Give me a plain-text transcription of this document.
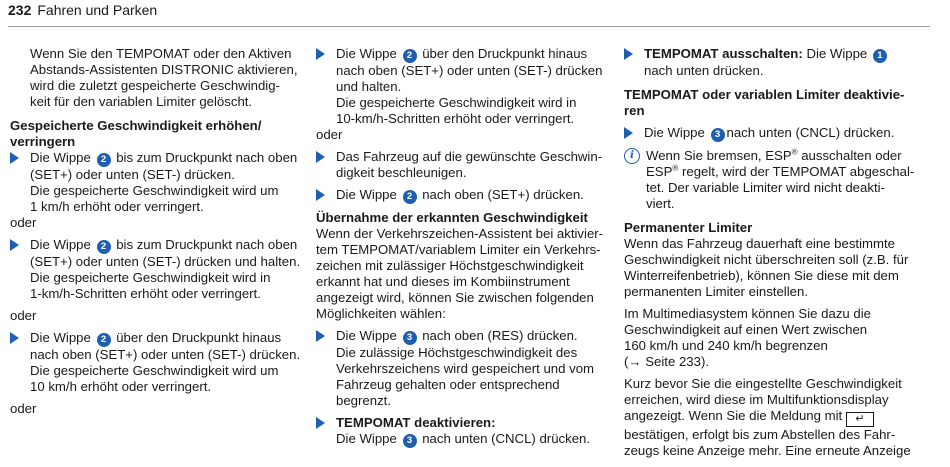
232 Fahren und Parken
Wenn Sie den TEMPOMAT oder den Aktiven
Abstands-Assistenten DISTRONIC aktivieren,
wird die zuletzt gespeicherte Geschwindig-
keit für den variablen Limiter gelöscht.
Gespeicherte Geschwindigkeit erhöhen/
verringern
Die Wippe 2 bis zum Druckpunkt nach oben
(SET+) oder unten (SET-) drücken.
Die gespeicherte Geschwindigkeit wird um
1 km/h erhöht oder verringert.
oder
Die Wippe 2 bis zum Druckpunkt nach oben
(SET+) oder unten (SET-) drücken und halten.
Die gespeicherte Geschwindigkeit wird in
1-km/h-Schritten erhöht oder verringert.
oder
Die Wippe 2 über den Druckpunkt hinaus
nach oben (SET+) oder unten (SET-) drücken.
Die gespeicherte Geschwindigkeit wird um
10 km/h erhöht oder verringert.
oder
Die Wippe 2 über den Druckpunkt hinaus
nach oben (SET+) oder unten (SET-) drücken
und halten.
Die gespeicherte Geschwindigkeit wird in
10-km/h-Schritten erhöht oder verringert.
oder
Das Fahrzeug auf die gewünschte Geschwin-
digkeit beschleunigen.
Die Wippe 2 nach oben (SET+) drücken.
Übernahme der erkannten Geschwindigkeit
Wenn der Verkehrszeichen-Assistent bei aktivier-
tem TEMPOMAT/variablem Limiter ein Verkehrs-
zeichen mit zulässiger Höchstgeschwindigkeit
erkannt hat und dieses im Kombiinstrument
angezeigt wird, können Sie zwischen folgenden
Möglichkeiten wählen:
Die Wippe 3 nach oben (RES) drücken.
Die zulässige Höchstgeschwindigkeit des
Verkehrszeichens wird gespeichert und vom
Fahrzeug gehalten oder entsprechend
begrenzt.
TEMPOMAT deaktivieren:
Die Wippe 3 nach unten (CNCL) drücken.
TEMPOMAT ausschalten: Die Wippe 1
nach unten drücken.
TEMPOMAT oder variablen Limiter deaktivie-
ren
Die Wippe 3 nach unten (CNCL) drücken.
i Wenn Sie bremsen, ESP® ausschalten oder
ESP® regelt, wird der TEMPOMAT abgeschal-
tet. Der variable Limiter wird nicht deakti-
viert.
Permanenter Limiter
Wenn das Fahrzeug dauerhaft eine bestimmte
Geschwindigkeit nicht überschreiten soll (z.B. für
Winterreifenbetrieb), können Sie diese mit dem
permanenten Limiter einstellen.
Im Multimediasystem können Sie dazu die
Geschwindigkeit auf einen Wert zwischen
160 km/h und 240 km/h begrenzen
(→ Seite 233).
Kurz bevor Sie die eingestellte Geschwindigkeit
erreichen, wird diese im Multifunktionsdisplay
angezeigt. Wenn Sie die Meldung mit ↵
bestätigen, erfolgt bis zum Abstellen des Fahr-
zeugs keine Anzeige mehr. Eine erneute Anzeige
